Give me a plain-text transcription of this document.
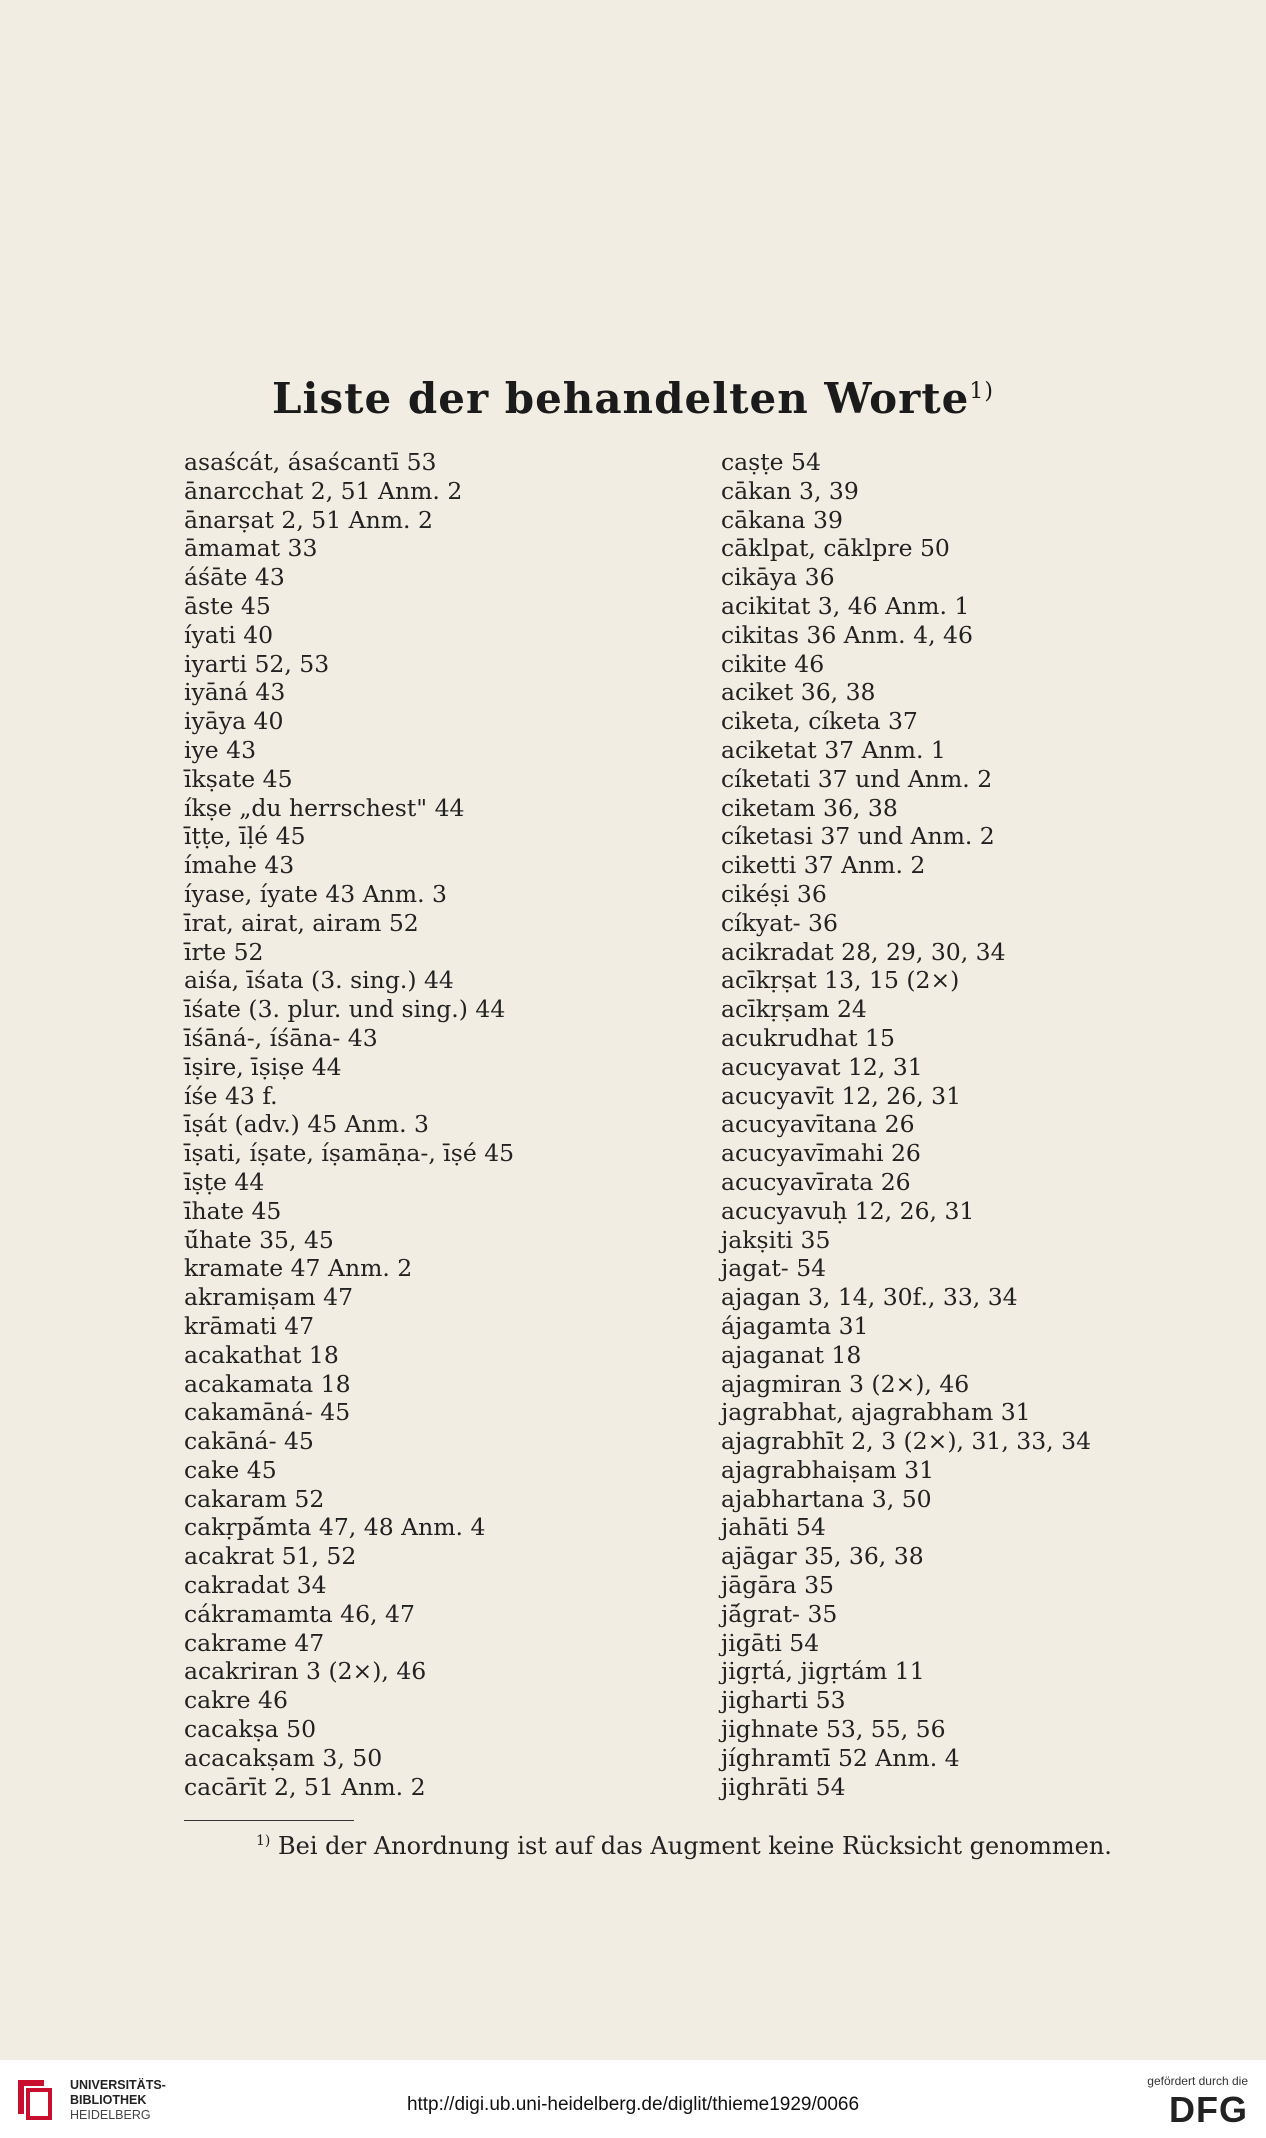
Liste der behandelten Worte$^{1)}$
asaścát, ásaścantī 53
ānarcchat 2, 51 Anm. 2
ānarṣat 2, 51 Anm. 2
āmamat 33
áśāte 43
āste 45
íyati 40
iyarti 52, 53
iyāná 43
iyāya 40
iye 43
īkṣate 45
íkṣe „du herrschest" 44
īṭṭe, īḷé 45
ímahe 43
íyase, íyate 43 Anm. 3
īrat, airat, airam 52
īrte 52
aiśa, īśata (3. sing.) 44
īśate (3. plur. und sing.) 44
īśāná-, íśāna- 43
īṣire, īṣiṣe 44
íśe 43 f.
īṣát (adv.) 45 Anm. 3
īṣati, íṣate, íṣamāṇa-, īṣé 45
īṣṭe 44
īhate 45
ū́hate 35, 45
kramate 47 Anm. 2
akramiṣam 47
krāmati 47
acakathat 18
acakamata 18
cakamāná- 45
cakāná- 45
cake 45
cakaram 52
cakṛpā́mta 47, 48 Anm. 4
acakrat 51, 52
cakradat 34
cákramamta 46, 47
cakrame 47
acakriran 3 (2×), 46
cakre 46
cacakṣa 50
acacakṣam 3, 50
cacārīt 2, 51 Anm. 2
caṣṭe 54
cākan 3, 39
cākana 39
cāklpat, cāklpre 50
cikāya 36
acikitat 3, 46 Anm. 1
cikitas 36 Anm. 4, 46
cikite 46
aciket 36, 38
ciketa, cíketa 37
aciketat 37 Anm. 1
cíketati 37 und Anm. 2
ciketam 36, 38
cíketasi 37 und Anm. 2
ciketti 37 Anm. 2
cikéṣi 36
cíkyat- 36
acikradat 28, 29, 30, 34
acīkṛṣat 13, 15 (2×)
acīkṛṣam 24
acukrudhat 15
acucyavat 12, 31
acucyavīt 12, 26, 31
acucyavītana 26
acucyavīmahi 26
acucyavīrata 26
acucyavuḥ 12, 26, 31
jakṣiti 35
jagat- 54
ajagan 3, 14, 30f., 33, 34
ájagamta 31
ajaganat 18
ajagmiran 3 (2×), 46
jagrabhat, ajagrabham 31
ajagrabhīt 2, 3 (2×), 31, 33, 34
ajagrabhaiṣam 31
ajabhartana 3, 50
jahāti 54
ajāgar 35, 36, 38
jāgāra 35
jā́grat- 35
jigāti 54
jigṛtá, jigṛtám 11
jigharti 53
jighnate 53, 55, 56
jíghramtī 52 Anm. 4
jighrāti 54
$^{1)}$ Bei der Anordnung ist auf das Augment keine Rücksicht genommen.
UNIVERSITÄTS-
BIBLIOTHEK
HEIDELBERG	http://digi.ub.uni-heidelberg.de/diglit/thieme1929/0066
gefördert durch die
DFG
